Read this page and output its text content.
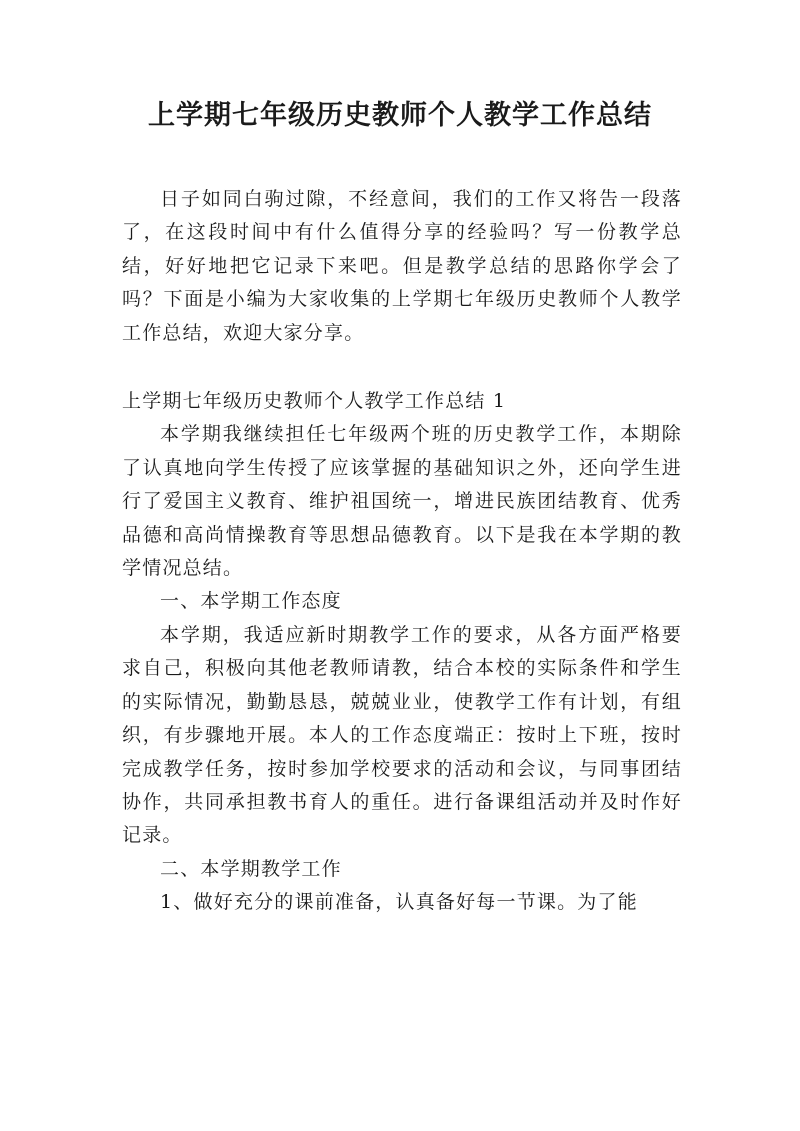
上学期七年级历史教师个人教学工作总结

日子如同白驹过隙，不经意间，我们的工作又将告一段落了，在这段时间中有什么值得分享的经验吗？写一份教学总结，好好地把它记录下来吧。但是教学总结的思路你学会了吗？下面是小编为大家收集的上学期七年级历史教师个人教学工作总结，欢迎大家分享。

上学期七年级历史教师个人教学工作总结 1

本学期我继续担任七年级两个班的历史教学工作，本期除了认真地向学生传授了应该掌握的基础知识之外，还向学生进行了爱国主义教育、维护祖国统一，增进民族团结教育、优秀品德和高尚情操教育等思想品德教育。以下是我在本学期的教学情况总结。

一、本学期工作态度

本学期，我适应新时期教学工作的要求，从各方面严格要求自己，积极向其他老教师请教，结合本校的实际条件和学生的实际情况，勤勤恳恳，兢兢业业，使教学工作有计划，有组织，有步骤地开展。本人的工作态度端正：按时上下班，按时完成教学任务，按时参加学校要求的活动和会议，与同事团结协作，共同承担教书育人的重任。进行备课组活动并及时作好记录。

二、本学期教学工作

1、做好充分的课前准备，认真备好每一节课。为了能
